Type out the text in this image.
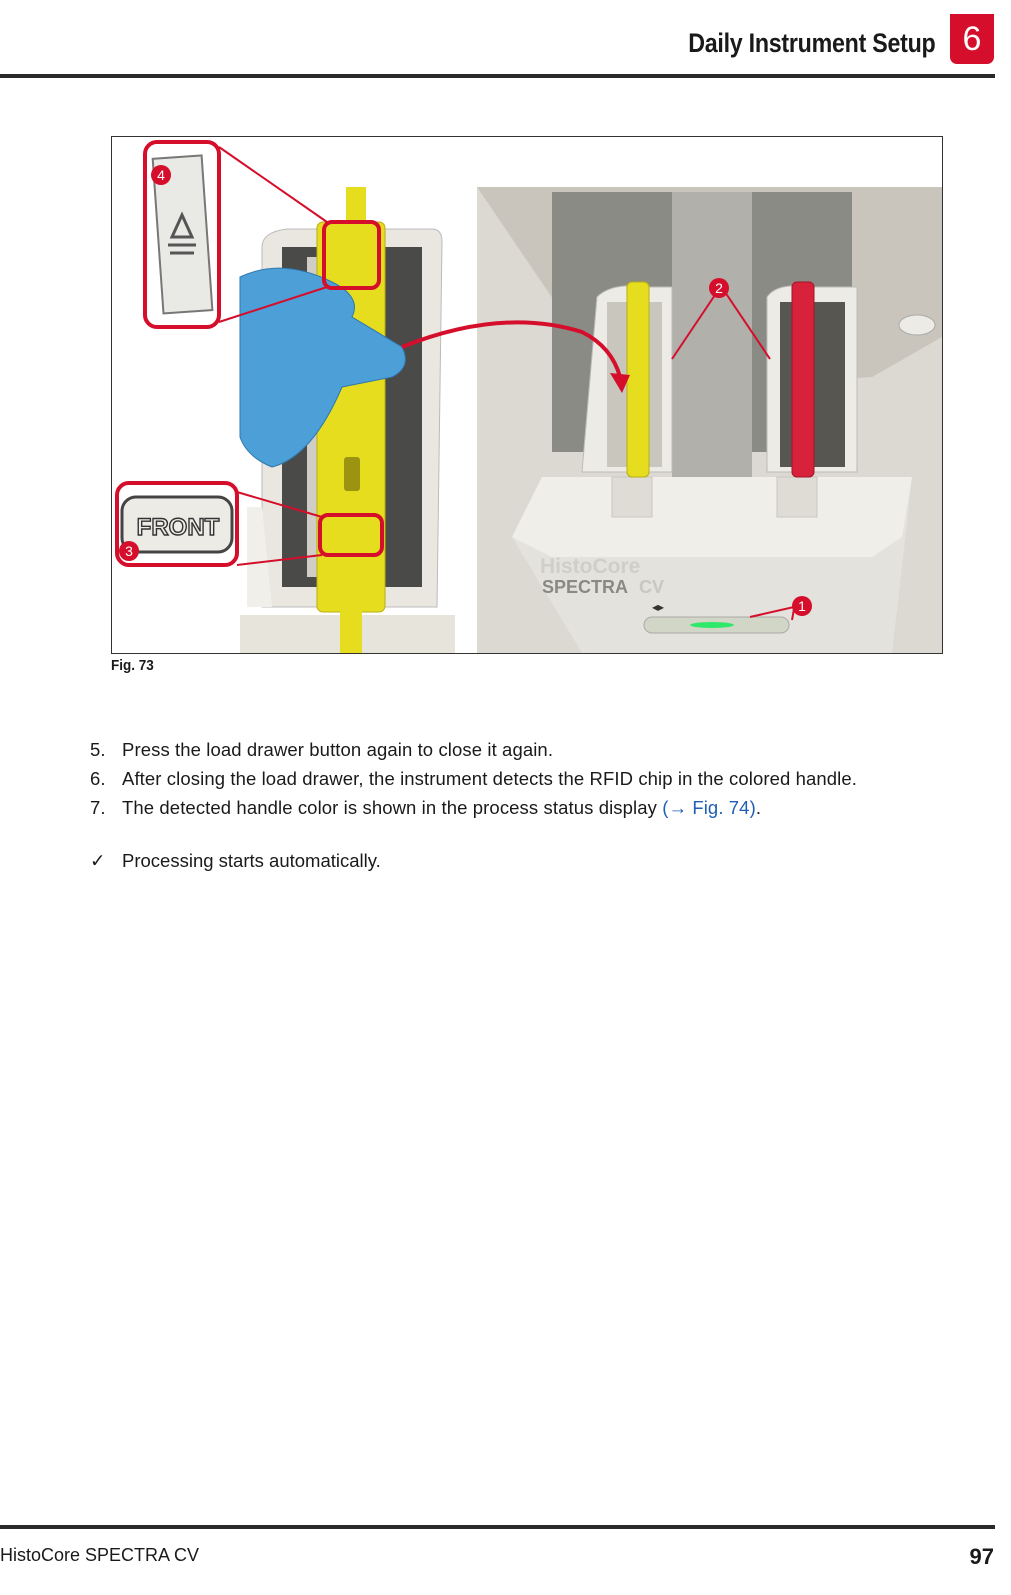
Daily Instrument Setup 6
HistoCore
SPECTRA CV
◂▸
FRONT
1
2
3
4
Fig. 73
5. Press the load drawer button again to close it again.
6. After closing the load drawer, the instrument detects the RFID chip in the colored handle.
7. The detected handle color is shown in the process status display (→ Fig. 74).
✓ Processing starts automatically.
HistoCore SPECTRA CV	97
